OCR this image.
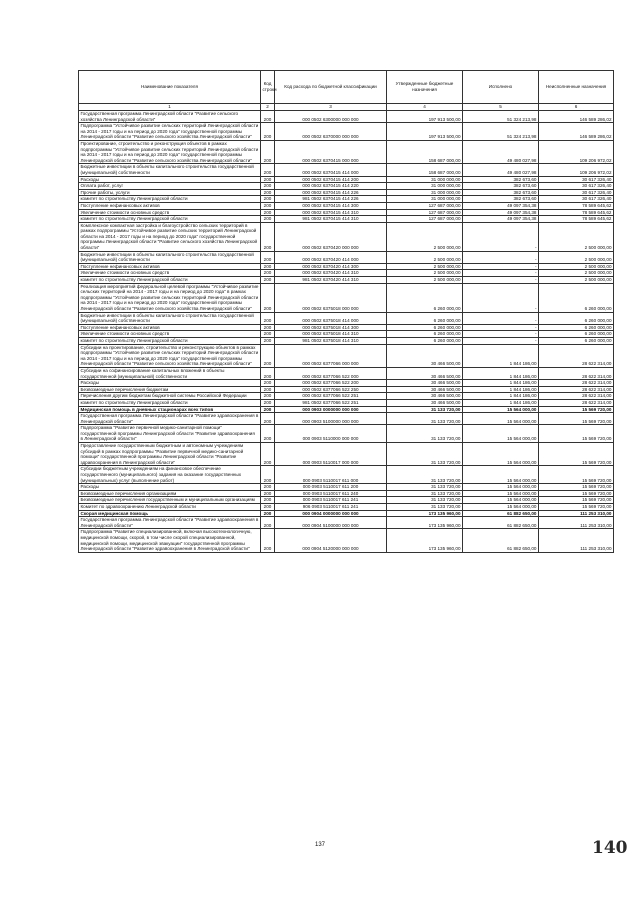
Наименование показателя	Код строки	Код расхода по бюджетной классификации	Утвержденные бюджетные назначения	Исполнено	Неисполненные назначения
1	2	3	4	5	6
Государственная программа Ленинградской области "Развитие сельского хозяйства Ленинградской области"	200	000 0502 6300000 000 000	197 913 500,00	51 324 213,98	146 589 286,02
Подпрограмма "Устойчивое развитие сельских территорий Ленинградской области на 2014 - 2017 годы и на период до 2020 года" государственной программы Ленинградской области "Развитие сельского хозяйства Ленинградской области"	200	000 0502 6370000 000 000	197 913 500,00	51 324 213,98	146 589 286,02
Проектирование, строительство и реконструкция объектов в рамках подпрограммы "Устойчивое развитие сельских территорий Ленинградской области на 2014 - 2017 годы и на период до 2020 года" государственной программы Ленинградской области "Развитие сельского хозяйства Ленинградской области"	200	000 0502 6370415 000 000	158 687 000,00	49 480 027,98	109 206 972,02
Бюджетные инвестиции в объекты капитального строительства государственной (муниципальной) собственности	200	000 0502 6370415 414 000	158 687 000,00	49 480 027,98	109 206 972,02
Расходы	200	000 0502 6370415 414 200	31 000 000,00	382 673,60	30 617 326,40
Оплата работ, услуг	200	000 0502 6370415 414 220	31 000 000,00	382 673,60	30 617 326,40
Прочие работы, услуги	200	000 0502 6370415 414 226	31 000 000,00	382 673,60	30 617 326,40
комитет по строительству Ленинградской области	200	981 0502 6370415 414 226	31 000 000,00	382 673,60	30 617 326,40
Поступление нефинансовых активов	200	000 0502 6370415 414 300	127 687 000,00	49 097 354,38	78 589 645,62
Увеличение стоимости основных средств	200	000 0502 6370415 414 310	127 687 000,00	49 097 354,38	78 589 645,62
комитет по строительству Ленинградской области	200	981 0502 6370415 414 310	127 687 000,00	49 097 354,38	78 589 645,62
Комплексное компактная застройка и благоустройство сельских территорий в рамках подпрограммы "Устойчивое развитие сельских территорий Ленинградской области на 2014 - 2017 годы и на период до 2020 года" государственной программы Ленинградской области "Развитие сельского хозяйства Ленинградской области"	200	000 0502 6370420 000 000	2 500 000,00	-	2 500 000,00
Бюджетные инвестиции в объекты капитального строительства государственной (муниципальной) собственности	200	000 0502 6370420 414 000	2 500 000,00	-	2 500 000,00
Поступление нефинансовых активов	200	000 0502 6370420 414 300	2 500 000,00	-	2 500 000,00
Увеличение стоимости основных средств	200	000 0502 6370420 414 310	2 500 000,00	-	2 500 000,00
комитет по строительству Ленинградской области	200	981 0502 6370420 414 310	2 500 000,00	-	2 500 000,00
Реализация мероприятий федеральной целевой программы "Устойчивое развитие сельских территорий на 2014 - 2017 годы и на период до 2020 года" в рамках подпрограммы "Устойчивое развитие сельских территорий Ленинградской области на 2014 - 2017 годы и на период до 2020 года" государственной программы Ленинградской области "Развитие сельского хозяйства Ленинградской области"	200	000 0502 6375018 000 000	6 260 000,00	-	6 260 000,00
Бюджетные инвестиции в объекты капитального строительства государственной (муниципальной) собственности	200	000 0502 6375018 414 000	6 260 000,00	-	6 260 000,00
Поступление нефинансовых активов	200	000 0502 6375018 414 300	6 260 000,00	-	6 260 000,00
Увеличение стоимости основных средств	200	000 0502 6375018 414 310	6 260 000,00	-	6 260 000,00
комитет по строительству Ленинградской области	200	981 0502 6375018 414 310	6 260 000,00	-	6 260 000,00
Субсидии на проектирование, строительство и реконструкцию объектов в рамках подпрограммы "Устойчивое развитие сельских территорий Ленинградской области на 2014 - 2017 годы и на период до 2020 года" государственной программы Ленинградской области "Развитие сельского хозяйства Ленинградской области"	200	000 0502 6377066 000 000	30 466 500,00	1 844 186,00	28 622 314,00
Субсидии на софинансирование капитальных вложений в объекты государственной (муниципальной) собственности	200	000 0502 6377066 522 000	30 466 500,00	1 844 186,00	28 622 314,00
Расходы	200	000 0502 6377066 522 200	30 466 500,00	1 844 186,00	28 622 314,00
Безвозмездные перечисления бюджетам	200	000 0502 6377066 522 250	30 466 500,00	1 844 186,00	28 622 314,00
Перечисления другим бюджетам бюджетной системы Российской Федерации	200	000 0502 6377066 522 251	30 466 500,00	1 844 186,00	28 622 314,00
комитет по строительству Ленинградской области	200	981 0502 6377066 522 251	30 466 500,00	1 844 186,00	28 622 314,00
Медицинская помощь в дневных стационарах всех типов	200	000 0903 0000000 000 000	31 133 720,00	15 564 000,00	15 569 720,00
Государственная программа Ленинградской области "Развитие здравоохранения в Ленинградской области"	200	000 0903 5100000 000 000	31 133 720,00	15 564 000,00	15 569 720,00
Подпрограмма "Развитие первичной медико-санитарной помощи" государственной программы Ленинградской области "Развитие здравоохранения в Ленинградской области"	200	000 0903 5110000 000 000	31 133 720,00	15 564 000,00	15 569 720,00
Предоставление государственным бюджетным и автономным учреждениям субсидий в рамках подпрограммы "Развитие первичной медико-санитарной помощи" государственной программы Ленинградской области "Развитие здравоохранения в Ленинградской области"	200	000 0903 5110017 000 000	31 133 720,00	15 564 000,00	15 569 720,00
Субсидии бюджетным учреждениям на финансовое обеспечение государственного (муниципального) задания на оказание государственных (муниципальных) услуг (выполнение работ)	200	000 0903 5110017 611 000	31 133 720,00	15 564 000,00	15 569 720,00
Расходы	200	000 0903 5110017 611 200	31 133 720,00	15 564 000,00	15 569 720,00
Безвозмездные перечисления организациям	200	000 0903 5110017 611 240	31 133 720,00	15 564 000,00	15 569 720,00
Безвозмездные перечисления государственным и муниципальным организациям	200	000 0903 5110017 611 241	31 133 720,00	15 564 000,00	15 569 720,00
Комитет по здравоохранению Ленинградской области	200	906 0903 5110017 611 241	31 133 720,00	15 564 000,00	15 569 720,00
Скорая медицинская помощь	200	000 0904 0000000 000 000	173 135 960,00	61 882 650,00	111 253 310,00
Государственная программа Ленинградской области "Развитие здравоохранения в Ленинградской области"	200	000 0904 5100000 000 000	173 135 960,00	61 882 650,00	111 253 310,00
Подпрограмма "Развитие специализированной, включая высокотехнологичную, медицинской помощи, скорой, в том числе скорой специализированной, медицинской помощи, медицинской эвакуации" государственной программы Ленинградской области "Развитие здравоохранения в Ленинградской области"	200	000 0904 5120000 000 000	173 135 960,00	61 882 650,00	111 253 310,00
137	140
